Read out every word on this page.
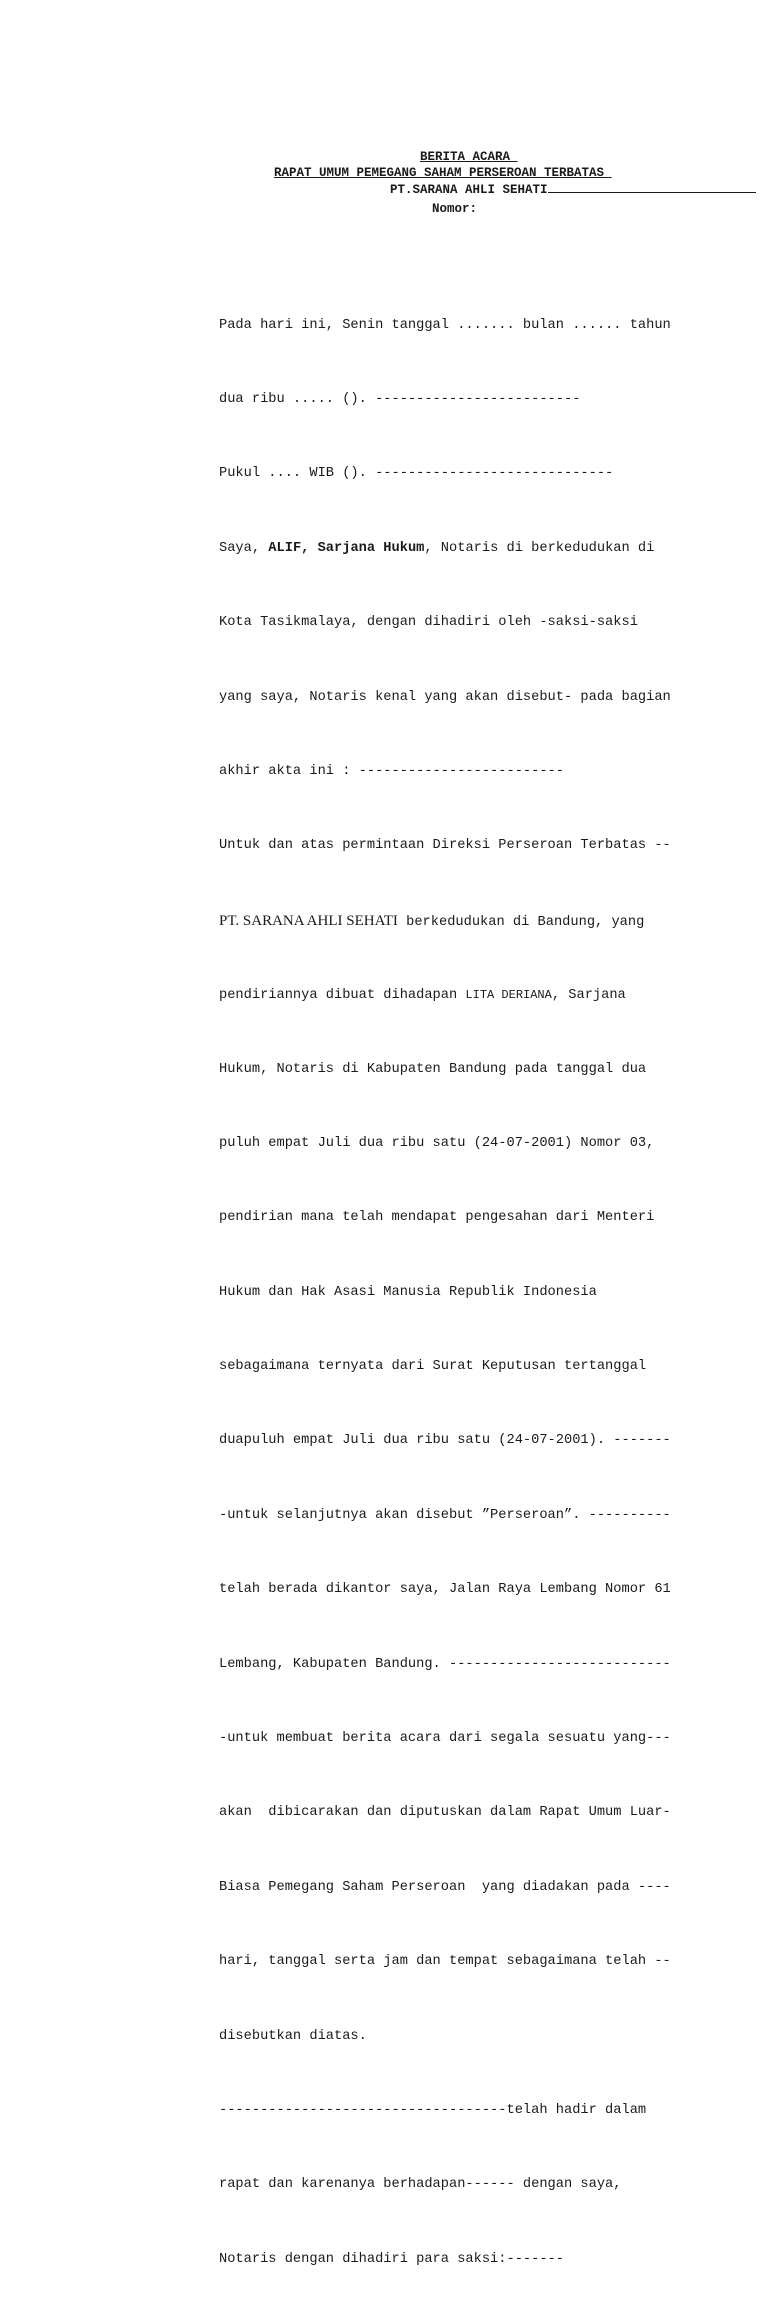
BERITA ACARA
RAPAT UMUM PEMEGANG SAHAM PERSEROAN TERBATAS
PT.SARANA AHLI SEHATI
Nomor:

Pada hari ini, Senin tanggal ....... bulan ...... tahun

dua ribu ..... (). -------------------------

Pukul .... WIB (). -----------------------------

Saya, ALIF, Sarjana Hukum, Notaris di berkedudukan di

Kota Tasikmalaya, dengan dihadiri oleh -saksi-saksi

yang saya, Notaris kenal yang akan disebut- pada bagian

akhir akta ini : -------------------------

Untuk dan atas permintaan Direksi Perseroan Terbatas --

PT. SARANA AHLI SEHATI berkedudukan di Bandung, yang

pendiriannya dibuat dihadapan LITA DERIANA, Sarjana

Hukum, Notaris di Kabupaten Bandung pada tanggal dua

puluh empat Juli dua ribu satu (24-07-2001) Nomor 03,

pendirian mana telah mendapat pengesahan dari Menteri

Hukum dan Hak Asasi Manusia Republik Indonesia

sebagaimana ternyata dari Surat Keputusan tertanggal

duapuluh empat Juli dua ribu satu (24-07-2001). -------

-untuk selanjutnya akan disebut ”Perseroan”. ----------

telah berada dikantor saya, Jalan Raya Lembang Nomor 61

Lembang, Kabupaten Bandung. ---------------------------

-untuk membuat berita acara dari segala sesuatu yang---

akan  dibicarakan dan diputuskan dalam Rapat Umum Luar-

Biasa Pemegang Saham Perseroan  yang diadakan pada ----

hari, tanggal serta jam dan tempat sebagaimana telah --

disebutkan diatas.

-----------------------------------telah hadir dalam

rapat dan karenanya berhadapan------ dengan saya,

Notaris dengan dihadiri para saksi:-------
